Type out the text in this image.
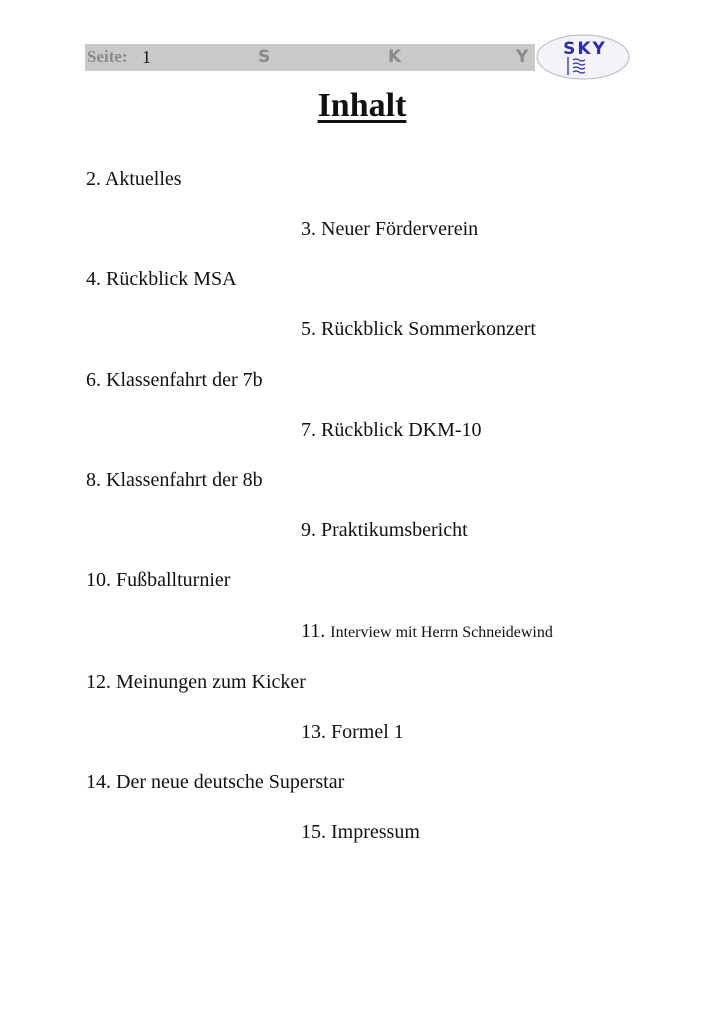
Seite: 1	S	K	Y SKY
Inhalt
2. Aktuelles
3. Neuer Förderverein
4. Rückblick MSA
5. Rückblick Sommerkonzert
6. Klassenfahrt der 7b
7. Rückblick DKM-10
8. Klassenfahrt der 8b
9. Praktikumsbericht
10. Fußballturnier
11. Interview mit Herrn Schneidewind
12. Meinungen zum Kicker
13. Formel 1
14. Der neue deutsche Superstar
15. Impressum
